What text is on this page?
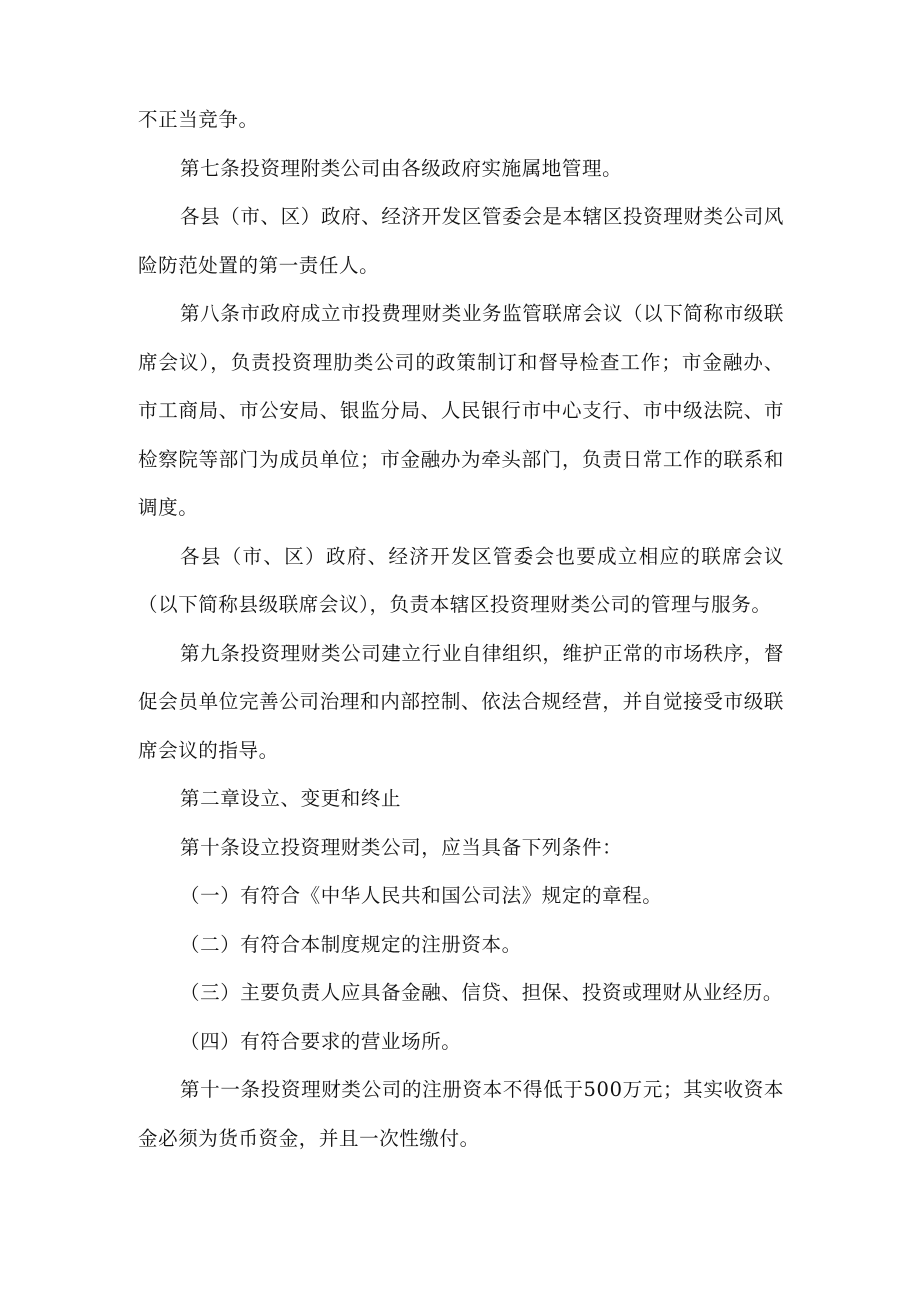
不正当竞争。

第七条投资理附类公司由各级政府实施属地管理。

各县（市、区）政府、经济开发区管委会是本辖区投资理财类公司风险防范处置的第一责任人。

第八条市政府成立市投费理财类业务监管联席会议（以下简称市级联席会议），负责投资理肋类公司的政策制订和督导检查工作；市金融办、市工商局、市公安局、银监分局、人民银行市中心支行、市中级法院、市检察院等部门为成员单位；市金融办为牵头部门，负责日常工作的联系和调度。

各县（市、区）政府、经济开发区管委会也要成立相应的联席会议（以下简称县级联席会议），负责本辖区投资理财类公司的管理与服务。

第九条投资理财类公司建立行业自律组织，维护正常的市场秩序，督促会员单位完善公司治理和内部控制、依法合规经营，并自觉接受市级联席会议的指导。

第二章设立、变更和终止

第十条设立投资理财类公司，应当具备下列条件：

（一）有符合《中华人民共和国公司法》规定的章程。

（二）有符合本制度规定的注册资本。

（三）主要负责人应具备金融、信贷、担保、投资或理财从业经历。

（四）有符合要求的营业场所。

第十一条投资理财类公司的注册资本不得低于500万元；其实收资本金必须为货币资金，并且一次性缴付。
